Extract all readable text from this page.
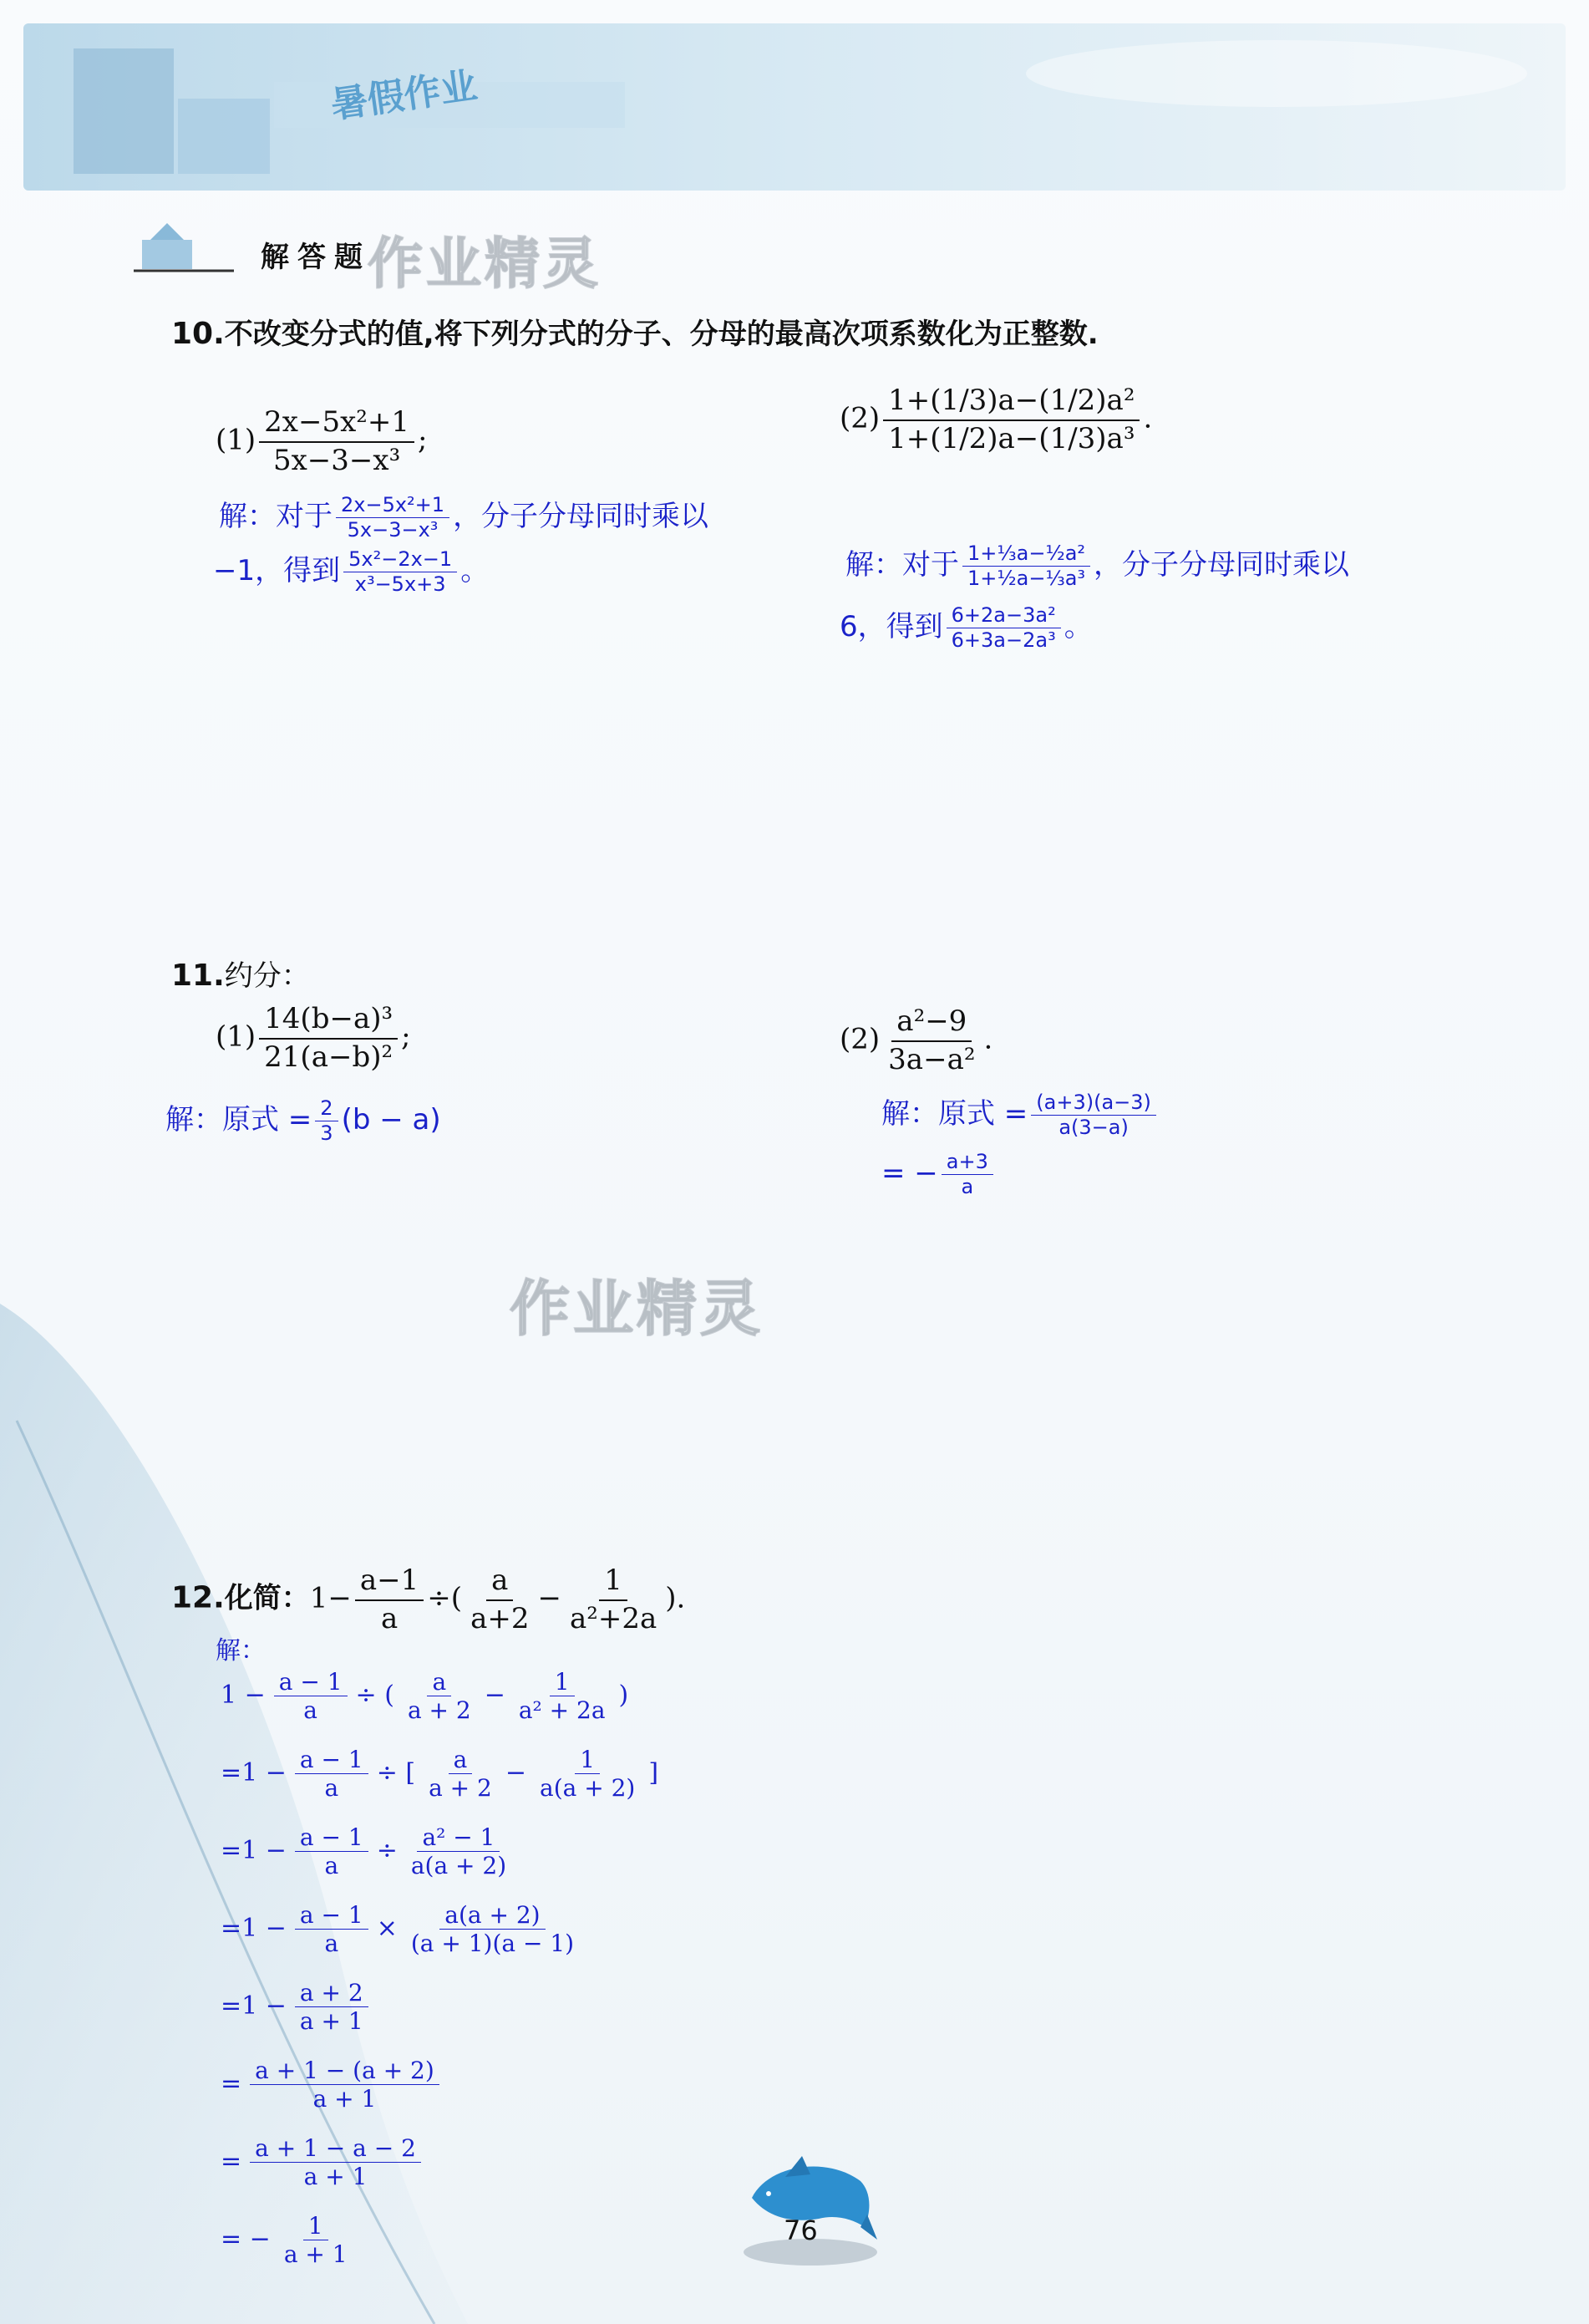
暑假作业
解答题
作业精灵
10.不改变分式的值,将下列分式的分子、分母的最高次项系数化为正整数.
$(1) \frac{\text{2x−5x²+1}}{\text{5x−3−x³}}$ ;
解：对于 $\frac{\text{2x−5x²+1}}{\text{5x−3−x³}}$ ，分子分母同时乘以
−1，得到 $\frac{\text{5x²−2x−1}}{\text{x³−5x+3}}$ 。
$(2) \frac{\text{1+(1/3)a−(1/2)a²}}{\text{1+(1/2)a−(1/3)a³}}$ .
解：对于 $\frac{\text{1+⅓a−½a²}}{\text{1+½a−⅓a³}}$ ，分子分母同时乘以
6，得到 $\frac{\text{6+2a−3a²}}{\text{6+3a−2a³}}$ 。

11.约分：
$(1) \frac{\text{14(b−a)³}}{\text{21(a−b)²}}$ ;
解：原式 = $\frac{2}{3} (b - a)$
$(2) \frac{\text{a²−9}}{\text{3a−a²}}$ .
解：原式 = $\frac{(a+3)(a-3)}{a(3-a)}$
= − $\frac{a+3}{a}$
作业精灵
12.化简：$1- \frac{a-1}{a}$ ÷( $\frac{a}{a+2} - \frac{1}{\text{a²+2a}}$ ).
解：
$1 - \frac{a - 1}{a}$ ÷ ( $\frac{a}{a + 2} - \frac{1}{\text{a² + 2a}}$ )
$=1 - \frac{a - 1}{a}$ ÷ [ $\frac{a}{a + 2} - \frac{1}{a(a + 2)}$ ]
$=1 - \frac{a - 1}{a} \div \frac{\text{a² − 1}}{a(a + 2)}$
$=1 - \frac{a - 1}{a} \times \frac{a(a + 2)}{(a + 1)(a - 1)}$
$=1 - \frac{a + 2}{a + 1}$
= $\frac{a + 1 - (a + 2)}{a + 1}$
= $\frac{a + 1 - a - 2}{a + 1}$
= − $\frac{1}{a + 1}$	76
